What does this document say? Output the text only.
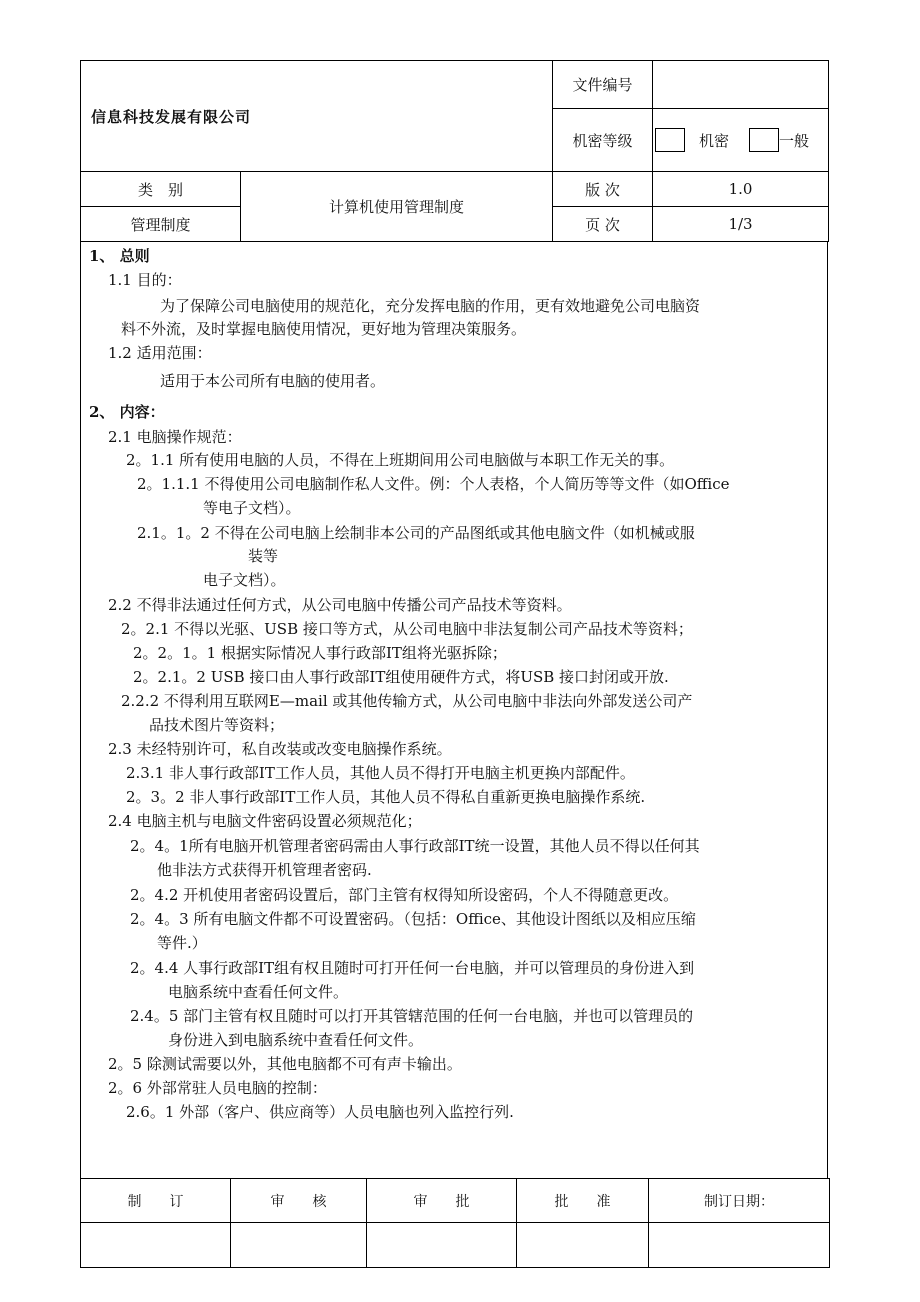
信息科技发展有限公司		文件编号	
		机密等级	机密 一般

类　别	计算机使用管理制度	版 次	1.0
管理制度		页 次	1/3
1、 总则
1.1 目的：
为了保障公司电脑使用的规范化，充分发挥电脑的作用，更有效地避免公司电脑资
料不外流，及时掌握电脑使用情况，更好地为管理决策服务。
1.2 适用范围：
适用于本公司所有电脑的使用者。
2、 内容：
2.1 电脑操作规范：
2。1.1 所有使用电脑的人员，不得在上班期间用公司电脑做与本职工作无关的事。
2。1.1.1 不得使用公司电脑制作私人文件。例：个人表格，个人简历等等文件（如Office
等电子文档）。
2.1。1。2 不得在公司电脑上绘制非本公司的产品图纸或其他电脑文件（如机械或服
装等
电子文档）。
2.2 不得非法通过任何方式，从公司电脑中传播公司产品技术等资料。
2。2.1 不得以光驱、USB 接口等方式，从公司电脑中非法复制公司产品技术等资料；
2。2。1。1 根据实际情况人事行政部IT组将光驱拆除；
2。2.1。2 USB 接口由人事行政部IT组使用硬件方式，将USB 接口封闭或开放.
2.2.2 不得利用互联网E—mail 或其他传输方式，从公司电脑中非法向外部发送公司产
品技术图片等资料；
2.3 未经特别许可，私自改装或改变电脑操作系统。
2.3.1 非人事行政部IT工作人员，其他人员不得打开电脑主机更换内部配件。
2。3。2 非人事行政部IT工作人员，其他人员不得私自重新更换电脑操作系统.
2.4 电脑主机与电脑文件密码设置必须规范化；
2。4。1所有电脑开机管理者密码需由人事行政部IT统一设置，其他人员不得以任何其
他非法方式获得开机管理者密码.
2。4.2 开机使用者密码设置后，部门主管有权得知所设密码，个人不得随意更改。
2。4。3 所有电脑文件都不可设置密码。（包括：Office、其他设计图纸以及相应压缩
等件.）
2。4.4 人事行政部IT组有权且随时可打开任何一台电脑，并可以管理员的身份进入到
电脑系统中查看任何文件。
2.4。5 部门主管有权且随时可以打开其管辖范围的任何一台电脑，并也可以管理员的
身份进入到电脑系统中查看任何文件。
2。5 除测试需要以外，其他电脑都不可有声卡输出。
2。6 外部常驻人员电脑的控制：
2.6。1 外部（客户、供应商等）人员电脑也列入监控行列.
制　　订	审　　核	审　　批	批　　准	制订日期：
